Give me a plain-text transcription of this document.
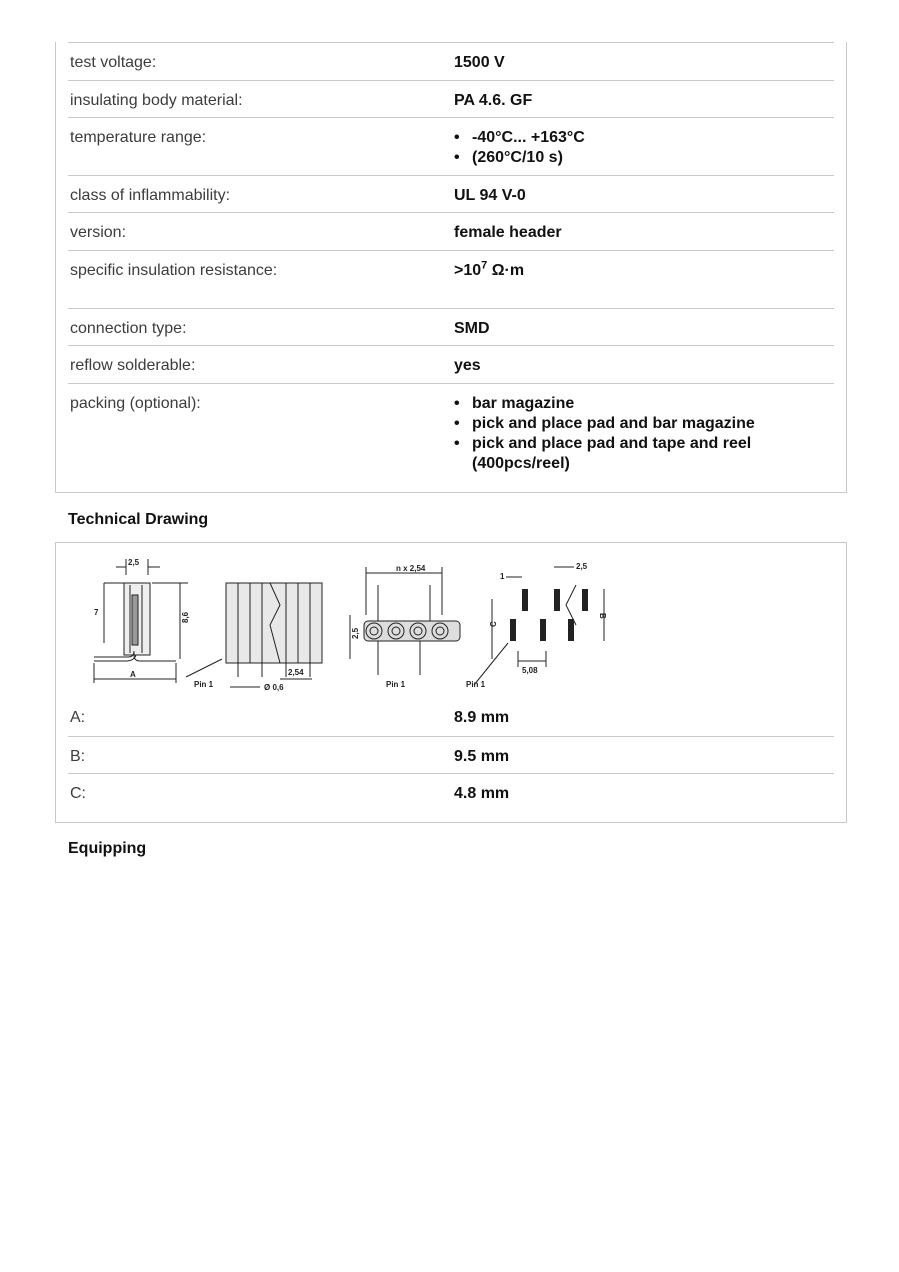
test voltage:	1500 V
insulating body material:	PA 4.6. GF
temperature range:	• -40°C... +163°C
• (260°C/10 s)
class of inflammability:	UL 94 V-0
version:	female header
specific insulation resistance:	$>10^7$ Ω·m
connection type:	SMD
reflow solderable:	yes
packing (optional):	• bar magazine
• pick and place pad and bar magazine
• pick and place pad and tape and reel (400pcs/reel)
Technical Drawing
2,5
7	8,6
A
Pin 1
2,54
Ø 0,6
n x 2,54
2,5
Pin 1
1
2,5
C
B
5,08
Pin 1
A:	8.9 mm
B:	9.5 mm
C:	4.8 mm
Equipping
